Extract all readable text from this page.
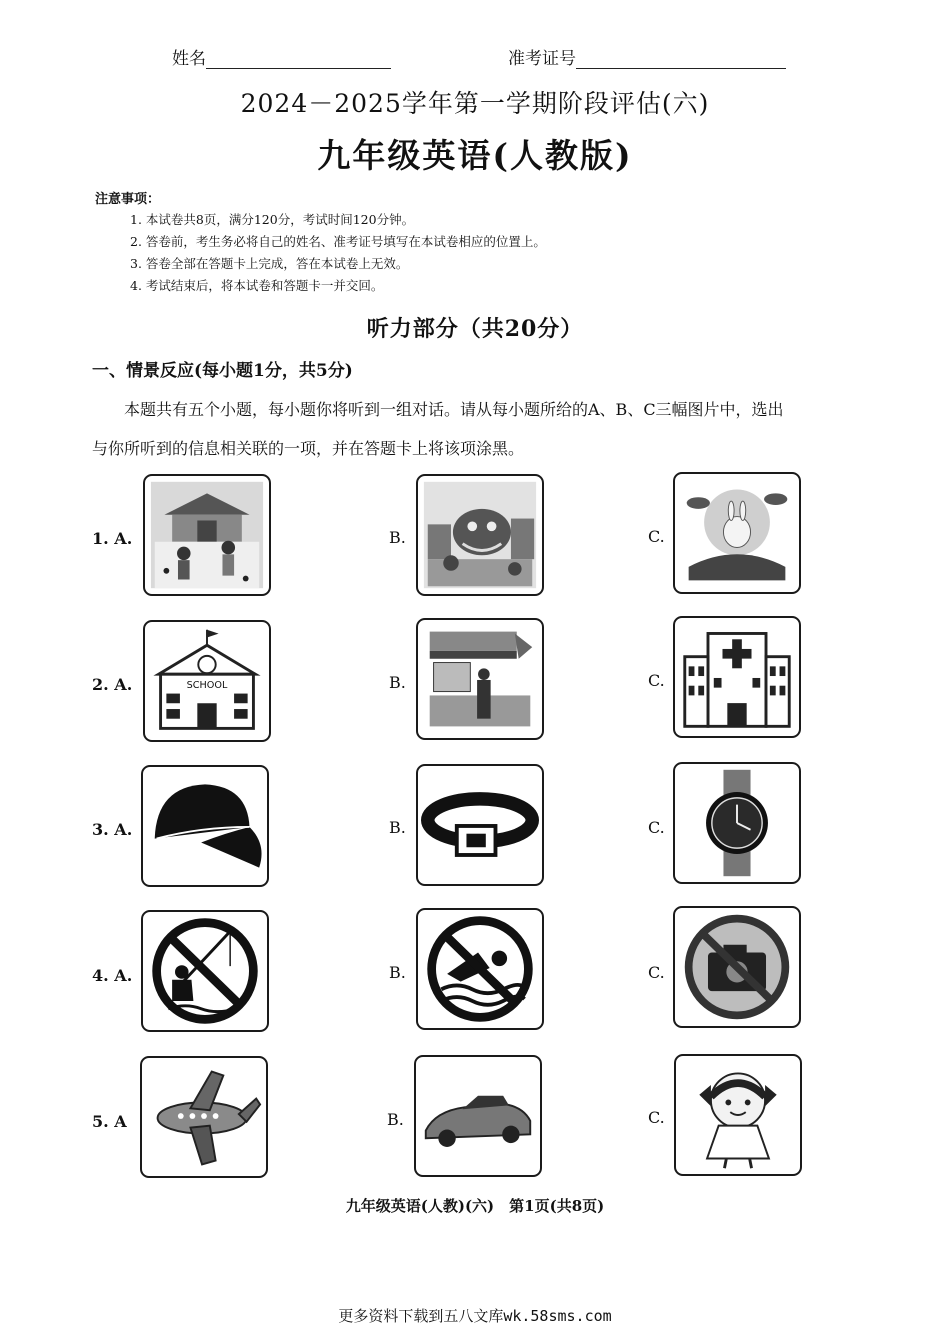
姓名	准考证号
2024－2025学年第一学期阶段评估(六)
九年级英语(人教版)
注意事项：
1. 本试卷共8页，满分120分，考试时间120分钟。
2. 答卷前，考生务必将自己的姓名、准考证号填写在本试卷相应的位置上。
3. 答卷全部在答题卡上完成，答在本试卷上无效。
4. 考试结束后，将本试卷和答题卡一并交回。
听力部分（共20分）
一、情景反应(每小题1分，共5分)
本题共有五个小题，每小题你将听到一组对话。请从每小题所给的A、B、C三幅图片中，选出
与你所听到的信息相关联的一项，并在答题卡上将该项涂黑。
1. A.	B.	C.
2. A.	SCHOOL	B.	C.
3. A.	B.	C.
4. A.	B.	C.
5. A	B.	C.
九年级英语(人教)(六)　第1页(共8页)
更多资料下载到五八文库wk.58sms.com
